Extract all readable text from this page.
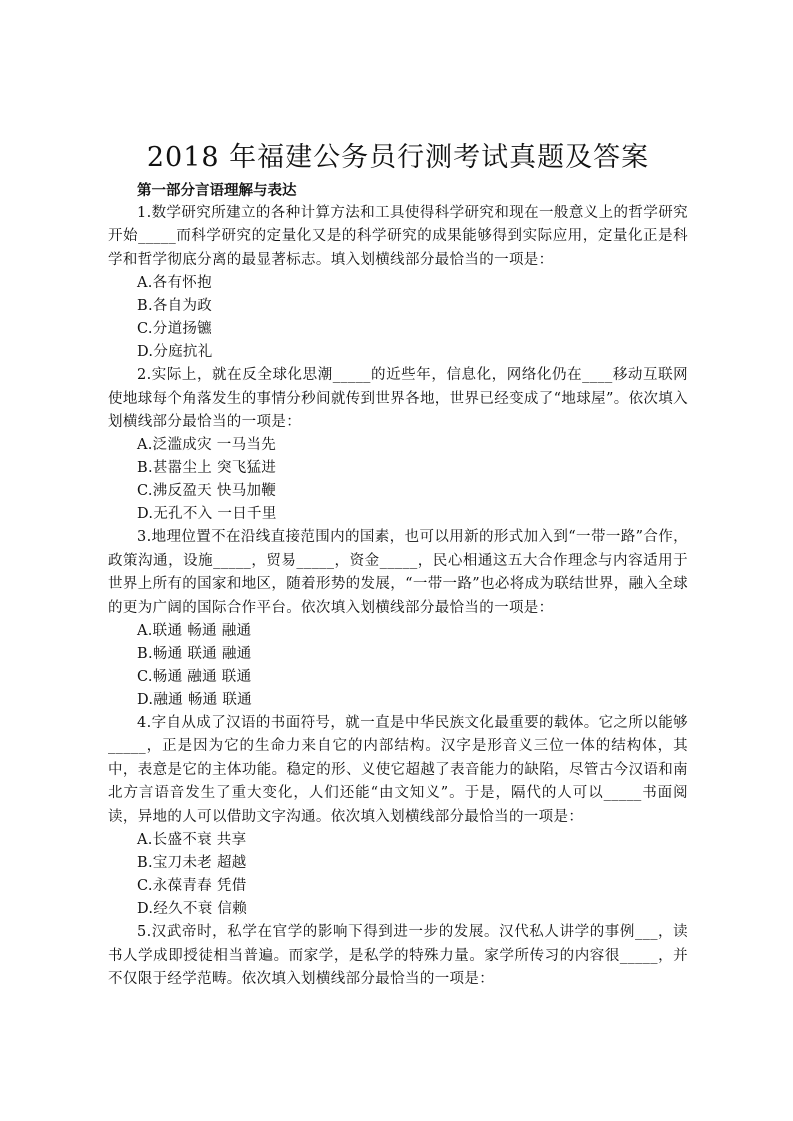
2018 年福建公务员行测考试真题及答案

第一部分言语理解与表达

1.数学研究所建立的各种计算方法和工具使得科学研究和现在一般意义上的哲学研究开始_____而科学研究的定量化又是的科学研究的成果能够得到实际应用，定量化正是科学和哲学彻底分离的最显著标志。填入划横线部分最恰当的一项是：

A.各有怀抱

B.各自为政

C.分道扬镳

D.分庭抗礼

2.实际上，就在反全球化思潮_____的近些年，信息化，网络化仍在____移动互联网使地球每个角落发生的事情分秒间就传到世界各地，世界已经变成了“地球屋”。依次填入划横线部分最恰当的一项是：

A.泛滥成灾 一马当先

B.甚嚣尘上 突飞猛进

C.沸反盈天 快马加鞭

D.无孔不入 一日千里

3.地理位置不在沿线直接范围内的国素，也可以用新的形式加入到“一带一路”合作，政策沟通，设施_____，贸易_____，资金_____，民心相通这五大合作理念与内容适用于世界上所有的国家和地区，随着形势的发展，“一带一路”也必将成为联结世界，融入全球的更为广阔的国际合作平台。依次填入划横线部分最恰当的一项是：

A.联通 畅通 融通

B.畅通 联通 融通

C.畅通 融通 联通

D.融通 畅通 联通

4.字自从成了汉语的书面符号，就一直是中华民族文化最重要的载体。它之所以能够_____，正是因为它的生命力来自它的内部结构。汉字是形音义三位一体的结构体，其中，表意是它的主体功能。稳定的形、义使它超越了表音能力的缺陷，尽管古今汉语和南北方言语音发生了重大变化，人们还能“由文知义”。于是，隔代的人可以_____书面阅读，异地的人可以借助文字沟通。依次填入划横线部分最恰当的一项是：

A.长盛不衰 共享

B.宝刀未老 超越

C.永葆青春 凭借

D.经久不衰 信赖

5.汉武帝时，私学在官学的影响下得到进一步的发展。汉代私人讲学的事例___，读书人学成即授徒相当普遍。而家学，是私学的特殊力量。家学所传习的内容很_____，并不仅限于经学范畴。依次填入划横线部分最恰当的一项是：
